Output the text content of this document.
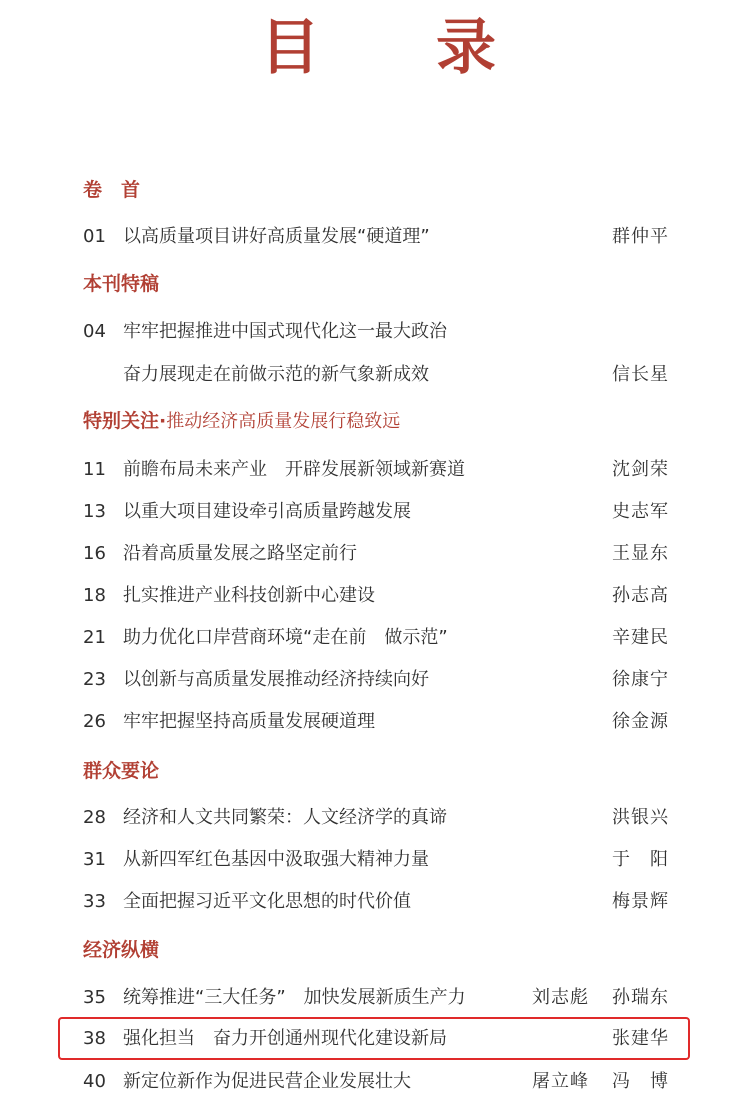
目 录
卷　首
01 以高质量项目讲好高质量发展“硬道理”	群仲平
本刊特稿
04 牢牢把握推进中国式现代化这一最大政治
奋力展现走在前做示范的新气象新成效	信长星
特别关注·推动经济高质量发展行稳致远
11 前瞻布局未来产业　开辟发展新领域新赛道	沈剑荣
13 以重大项目建设牵引高质量跨越发展	史志军
16 沿着高质量发展之路坚定前行	王显东
18 扎实推进产业科技创新中心建设	孙志高
21 助力优化口岸营商环境“走在前　做示范”	辛建民
23 以创新与高质量发展推动经济持续向好	徐康宁
26 牢牢把握坚持高质量发展硬道理	徐金源
群众要论
28 经济和人文共同繁荣：人文经济学的真谛	洪银兴
31 从新四军红色基因中汲取强大精神力量	于　阳
33 全面把握习近平文化思想的时代价值	梅景辉
经济纵横
35 统筹推进“三大任务”　加快发展新质生产力	刘志彪 孙瑞东
38 强化担当　奋力开创通州现代化建设新局	张建华
40 新定位新作为促进民营企业发展壮大	屠立峰 冯　博
